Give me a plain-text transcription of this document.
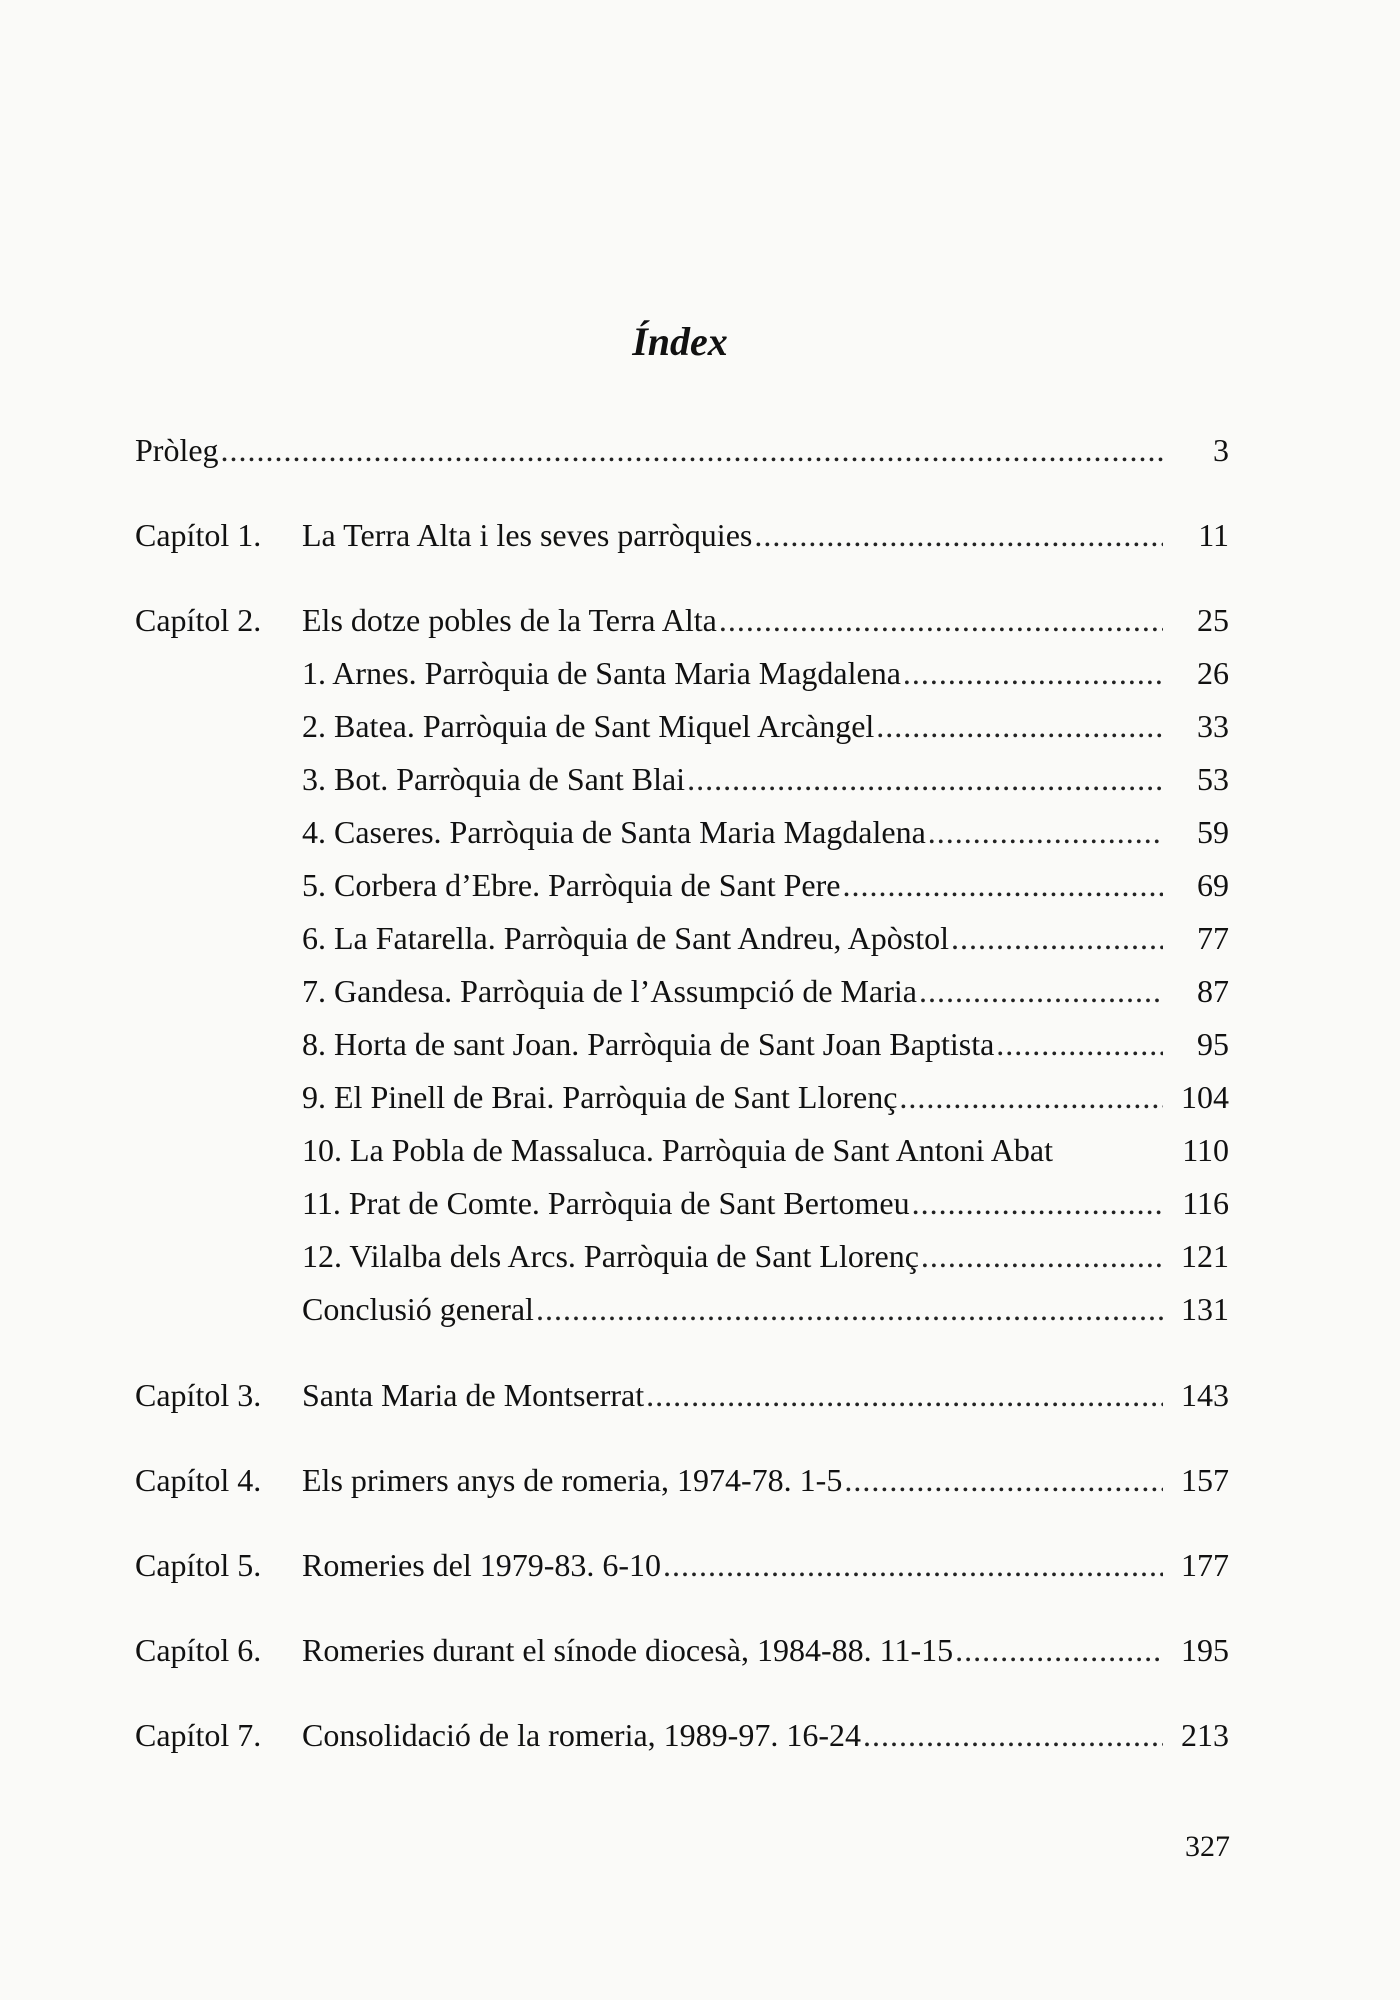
Índex
Pròleg .....	3
Capítol 1. La Terra Alta i les seves parròquies .....	11
Capítol 2. Els dotze pobles de la Terra Alta .....	25
1. Arnes. Parròquia de Santa Maria Magdalena .....	26
2. Batea. Parròquia de Sant Miquel Arcàngel .....	33
3. Bot. Parròquia de Sant Blai .....	53
4. Caseres. Parròquia de Santa Maria Magdalena .....	59
5. Corbera d’Ebre. Parròquia de Sant Pere .....	69
6. La Fatarella. Parròquia de Sant Andreu, Apòstol .....	77
7. Gandesa. Parròquia de l’Assumpció de Maria .....	87
8. Horta de sant Joan. Parròquia de Sant Joan Baptista .....	95
9. El Pinell de Brai. Parròquia de Sant Llorenç .....	104
10. La Pobla de Massaluca. Parròquia de Sant Antoni Abat	110
11. Prat de Comte. Parròquia de Sant Bertomeu .....	116
12. Vilalba dels Arcs. Parròquia de Sant Llorenç .....	121
Conclusió general .....	131
Capítol 3. Santa Maria de Montserrat .....	143
Capítol 4. Els primers anys de romeria, 1974-78. 1-5 .....	157
Capítol 5. Romeries del 1979-83. 6-10 .....	177
Capítol 6. Romeries durant el sínode diocesà, 1984-88. 11-15 .....	195
Capítol 7. Consolidació de la romeria, 1989-97. 16-24 .....	213
327
